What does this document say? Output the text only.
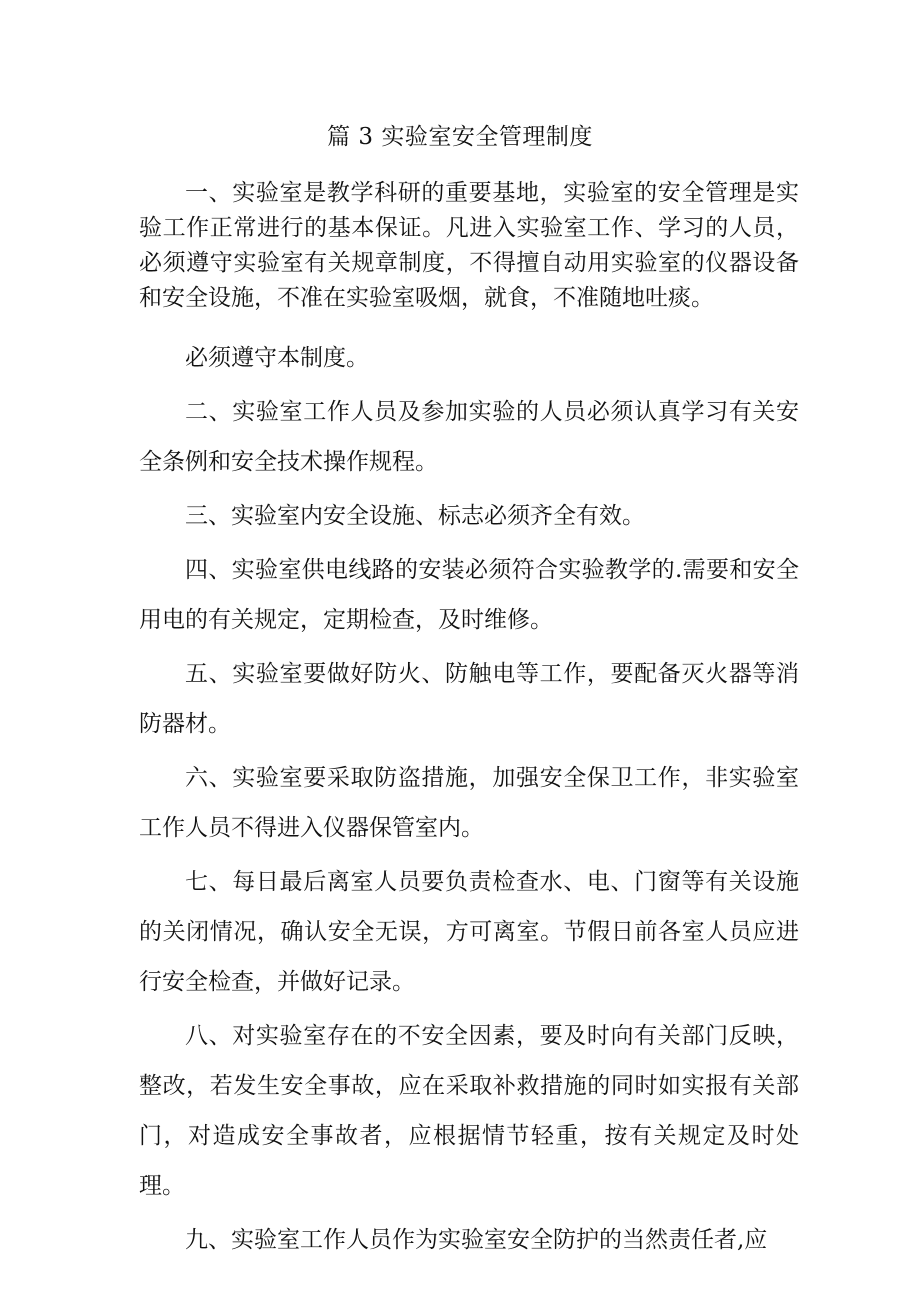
篇 3 实验室安全管理制度

一、实验室是教学科研的重要基地，实验室的安全管理是实验工作正常进行的基本保证。凡进入实验室工作、学习的人员，必须遵守实验室有关规章制度，不得擅自动用实验室的仪器设备和安全设施，不准在实验室吸烟，就食，不准随地吐痰。

必须遵守本制度。

二、实验室工作人员及参加实验的人员必须认真学习有关安全条例和安全技术操作规程。

三、实验室内安全设施、标志必须齐全有效。

四、实验室供电线路的安装必须符合实验教学的.需要和安全用电的有关规定，定期检查，及时维修。

五、实验室要做好防火、防触电等工作，要配备灭火器等消防器材。

六、实验室要采取防盗措施，加强安全保卫工作，非实验室工作人员不得进入仪器保管室内。

七、每日最后离室人员要负责检查水、电、门窗等有关设施的关闭情况，确认安全无误，方可离室。节假日前各室人员应进行安全检查，并做好记录。

八、对实验室存在的不安全因素，要及时向有关部门反映，整改，若发生安全事故，应在采取补救措施的同时如实报有关部门，对造成安全事故者，应根据情节轻重，按有关规定及时处理。

九、实验室工作人员作为实验室安全防护的当然责任者,应
